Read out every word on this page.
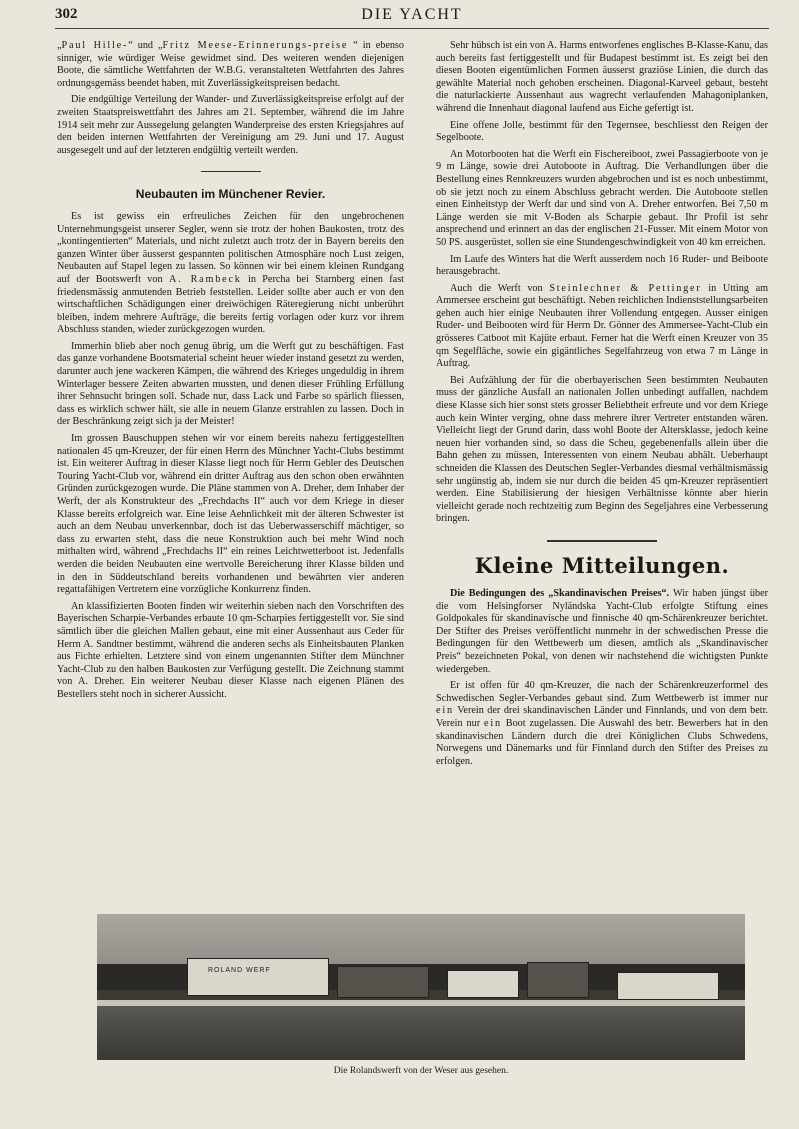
302	DIE YACHT

„Paul Hille-“ und „Fritz Meese-Erinnerungs-preise “ in ebenso sinniger, wie würdiger Weise gewidmet sind. Des weiteren wenden diejenigen Boote, die sämtliche Wettfahrten der W.B.G. veranstalteten Wettfahrten des Jahres ordnungsgemäss beendet haben, mit Zuverlässigkeitspreisen bedacht.

Die endgültige Verteilung der Wander- und Zuverlässigkeitspreise erfolgt auf der zweiten Staatspreiswettfahrt des Jahres am 21. September, während die im Jahre 1914 seit mehr zur Aussegelung gelangten Wanderpreise des ersten Kriegsjahres auf den beiden internen Wettfahrten der Vereinigung am 29. Juni und 17. August ausgesegelt und auf der letzteren endgültig verteilt werden.

Neubauten im Münchener Revier.

Es ist gewiss ein erfreuliches Zeichen für den ungebrochenen Unternehmungsgeist unserer Segler, wenn sie trotz der hohen Baukosten, trotz des „kontingentierten“ Materials, und nicht zuletzt auch trotz der in Bayern bereits den ganzen Winter über äusserst gespannten politischen Atmosphäre noch Lust zeigen, Neubauten auf Stapel legen zu lassen. So können wir bei einem kleinen Rundgang auf der Bootswerft von A. Rambeck in Percha bei Starnberg einen fast friedensmässig anmutenden Betrieb feststellen. Leider sollte aber auch er von den wirtschaftlichen Schädigungen einer dreiwöchigen Räteregierung nicht unberührt bleiben, indem mehrere Aufträge, die bereits fertig vorlagen oder kurz vor ihrem Abschluss standen, wieder zurückgezogen wurden.

Immerhin blieb aber noch genug übrig, um die Werft gut zu beschäftigen. Fast das ganze vorhandene Bootsmaterial scheint heuer wieder instand gesetzt zu werden, darunter auch jene wackeren Kämpen, die während des Krieges ungeduldig in ihrem Winterlager bessere Zeiten abwarten mussten, und denen dieser Frühling Erfüllung ihrer Sehnsucht bringen soll. Schade nur, dass Lack und Farbe so spärlich fliessen, dass es wirklich schwer hält, sie alle in neuem Glanze erstrahlen zu lassen. Doch in der Beschränkung zeigt sich ja der Meister!

Im grossen Bauschuppen stehen wir vor einem bereits nahezu fertiggestellten nationalen 45 qm-Kreuzer, der für einen Herrn des Münchner Yacht-Clubs bestimmt ist. Ein weiterer Auftrag in dieser Klasse liegt noch für Herrn Gebler des Deutschen Touring Yacht-Club vor, während ein dritter Auftrag aus den schon oben erwähnten Gründen zurückgezogen wurde. Die Pläne stammen von A. Dreher, dem Inhaber der Werft, der als Konstrukteur des „Frechdachs II“ auch vor dem Kriege in dieser Klasse bereits erfolgreich war. Eine leise Aehnlichkeit mit der älteren Schwester ist auch an dem Neubau unverkennbar, doch ist das Ueberwasserschiff mächtiger, so dass zu erwarten steht, dass die neue Konstruktion auch bei mehr Wind noch mithalten wird, während „Frechdachs II“ ein reines Leichtwetterboot ist. Jedenfalls werden die beiden Neubauten eine wertvolle Bereicherung ihrer Klasse bilden und in den in Süddeutschland bereits vorhandenen und bewährten vier anderen regattafähigen Vertretern eine vorzügliche Konkurrenz finden.

An klassifizierten Booten finden wir weiterhin sieben nach den Vorschriften des Bayerischen Scharpie-Verbandes erbaute 10 qm-Scharpies fertiggestellt vor. Sie sind sämtlich über die gleichen Mallen gebaut, eine mit einer Aussenhaut aus Ceder für Herrn A. Sandtner bestimmt, während die anderen sechs als Einheitsbauten Planken aus Fichte erhielten. Letztere sind von einem ungenannten Stifter dem Münchner Yacht-Club zu den halben Baukosten zur Verfügung gestellt. Die Zeichnung stammt von A. Dreher. Ein weiterer Neubau dieser Klasse nach eigenen Plänen des Bestellers steht noch in sicherer Aussicht.

Sehr hübsch ist ein von A. Harms entworfenes englisches B-Klasse-Kanu, das auch bereits fast fertiggestellt und für Budapest bestimmt ist. Es zeigt bei den diesen Booten eigentümlichen Formen äusserst graziöse Linien, die durch das gewählte Material noch gehoben erscheinen. Diagonal-Karveel gebaut, besteht die naturlackierte Aussenhaut aus wagrecht verlaufenden Mahagoniplanken, während die Innenhaut diagonal laufend aus Eiche gefertigt ist.

Eine offene Jolle, bestimmt für den Tegernsee, beschliesst den Reigen der Segelboote.

An Motorbooten hat die Werft ein Fischereiboot, zwei Passagierboote von je 9 m Länge, sowie drei Autoboote in Auftrag. Die Verhandlungen über die Bestellung eines Rennkreuzers wurden abgebrochen und ist es noch unbestimmt, ob sie jetzt noch zu einem Abschluss gebracht werden. Die Autoboote stellen einen Einheitstyp der Werft dar und sind von A. Dreher entworfen. Bei 7,50 m Länge werden sie mit V-Boden als Scharpie gebaut. Ihr Profil ist sehr ansprechend und erinnert an das der englischen 21-Fusser. Mit einem Motor von 50 PS. ausgerüstet, sollen sie eine Stundengeschwindigkeit von 40 km erreichen.

Im Laufe des Winters hat die Werft ausserdem noch 16 Ruder- und Beiboote herausgebracht.

Auch die Werft von Steinlechner & Pettinger in Utting am Ammersee erscheint gut beschäftigt. Neben reichlichen Indienststellungsarbeiten gehen auch hier einige Neubauten ihrer Vollendung entgegen. Ausser einigen Ruder- und Beibooten wird für Herrn Dr. Gönner des Ammersee-Yacht-Club ein grösseres Catboot mit Kajüte erbaut. Ferner hat die Werft einen Kreuzer von 35 qm Segelfläche, sowie ein gigäntliches Segelfahrzeug von etwa 7 m Länge in Auftrag.

Bei Aufzählung der für die oberbayerischen Seen bestimmten Neubauten muss der gänzliche Ausfall an nationalen Jollen unbedingt auffallen, nachdem diese Klasse sich hier sonst stets grosser Beliebtheit erfreute und vor dem Kriege auch kein Winter verging, ohne dass mehrere ihrer Vertreter entstanden wären. Vielleicht liegt der Grund darin, dass wohl Boote der Altersklasse, jedoch keine neuen hier vorhanden sind, so dass die Scheu, gegebenenfalls allein über die Bahn gehen zu müssen, Interessenten von einem Neubau abhält. Ueberhaupt schneiden die Klassen des Deutschen Segler-Verbandes diesmal verhältnismässig sehr ungünstig ab, indem sie nur durch die beiden 45 qm-Kreuzer repräsentiert werden. Eine Stabilisierung der hiesigen Verhältnisse könnte aber hierin vielleicht gerade noch rechtzeitig zum Beginn des Segeljahres eine Verbesserung bringen.

Kleine Mitteilungen.

Die Bedingungen des „Skandinavischen Preises“. Wir haben jüngst über die vom Helsingforser Nyländska Yacht-Club erfolgte Stiftung eines Goldpokales für skandinavische und finnische 40 qm-Schärenkreuzer berichtet. Der Stifter des Preises veröffentlicht nunmehr in der schwedischen Presse die Bedingungen für den Wettbewerb um diesen, amtlich als „Skandinavischer Preis“ bezeichneten Pokal, von denen wir nachstehend die wichtigsten Punkte wiedergeben.

Er ist offen für 40 qm-Kreuzer, die nach der Schärenkreuzerformel des Schwedischen Segler-Verbandes gebaut sind. Zum Wettbewerb ist immer nur ein Verein der drei skandinavischen Länder und Finnlands, und von dem betr. Verein nur ein Boot zugelassen. Die Auswahl des betr. Bewerbers hat in den skandinavischen Ländern durch die drei Königlichen Clubs Schwedens, Norwegens und Dänemarks und für Finnland durch den Stifter des Preises zu erfolgen.

ROLAND WERF
Die Rolandswerft von der Weser aus gesehen.
